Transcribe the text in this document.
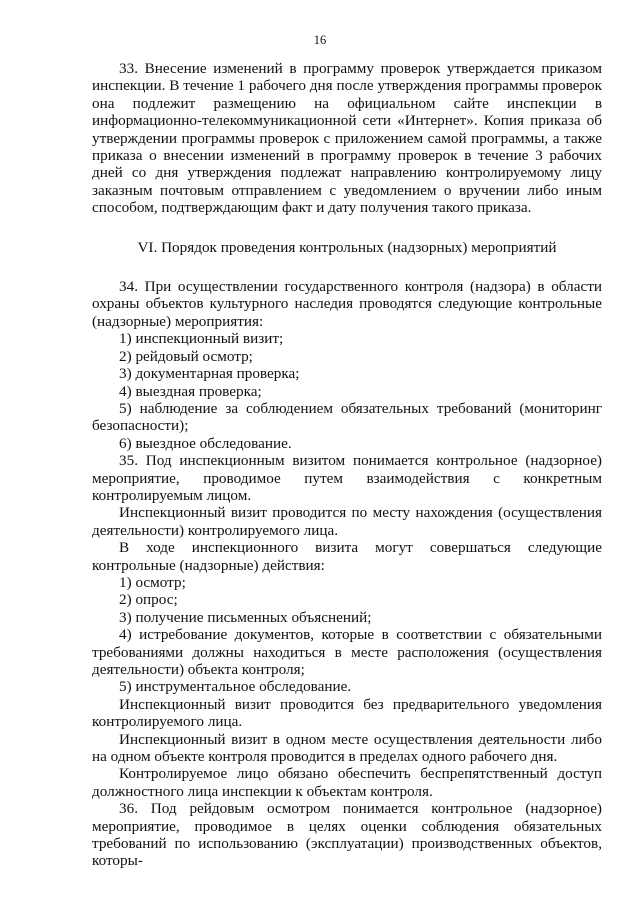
16

33. Внесение изменений в программу проверок утверждается приказом инспекции. В течение 1 рабочего дня после утверждения программы проверок она подлежит размещению на официальном сайте инспекции в информационно-телекоммуникационной сети «Интернет». Копия приказа об утверждении программы проверок с приложением самой программы, а также приказа о внесении изменений в программу проверок в течение 3 рабочих дней со дня утверждения подлежат направлению контролируемому лицу заказным почтовым отправлением с уведомлением о вручении либо иным способом, подтверждающим факт и дату получения такого приказа.

VI. Порядок проведения контрольных (надзорных) мероприятий

34. При осуществлении государственного контроля (надзора) в области охраны объектов культурного наследия проводятся следующие контрольные (надзорные) мероприятия:

1) инспекционный визит;

2) рейдовый осмотр;

3) документарная проверка;

4) выездная проверка;

5) наблюдение за соблюдением обязательных требований (мониторинг безопасности);

6) выездное обследование.

35. Под инспекционным визитом понимается контрольное (надзорное) мероприятие, проводимое путем взаимодействия с конкретным контролируемым лицом.

Инспекционный визит проводится по месту нахождения (осуществления деятельности) контролируемого лица.

В ходе инспекционного визита могут совершаться следующие контрольные (надзорные) действия:

1) осмотр;

2) опрос;

3) получение письменных объяснений;

4) истребование документов, которые в соответствии с обязательными требованиями должны находиться в месте расположения (осуществления деятельности) объекта контроля;

5) инструментальное обследование.

Инспекционный визит проводится без предварительного уведомления контролируемого лица.

Инспекционный визит в одном месте осуществления деятельности либо на одном объекте контроля проводится в пределах одного рабочего дня.

Контролируемое лицо обязано обеспечить беспрепятственный доступ должностного лица инспекции к объектам контроля.

36. Под рейдовым осмотром понимается контрольное (надзорное) мероприятие, проводимое в целях оценки соблюдения обязательных требований по использованию (эксплуатации) производственных объектов, которы-
